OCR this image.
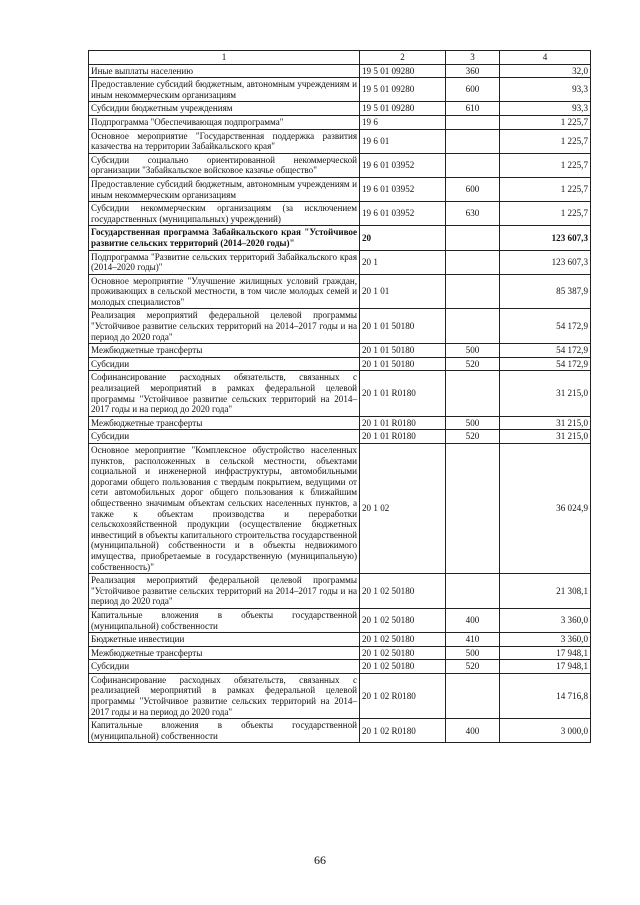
1	2	3	4
Иные выплаты населению	19 5 01 09280	360	32,0
Предоставление субсидий бюджетным, автономным учреждениям и иным некоммерческим организациям	19 5 01 09280	600	93,3
Субсидии бюджетным учреждениям	19 5 01 09280	610	93,3
Подпрограмма "Обеспечивающая подпрограмма"	19 6		1 225,7
Основное мероприятие "Государственная поддержка развития казачества на территории Забайкальского края"	19 6 01		1 225,7
Субсидии социально ориентированной некоммерческой организации "Забайкальское войсковое казачье общество"	19 6 01 03952		1 225,7
Предоставление субсидий бюджетным, автономным учреждениям и иным некоммерческим организациям	19 6 01 03952	600	1 225,7
Субсидии некоммерческим организациям (за исключением государственных (муниципальных) учреждений)	19 6 01 03952	630	1 225,7
Государственная программа Забайкальского края "Устойчивое развитие сельских территорий (2014–2020 годы)"	20		123 607,3
Подпрограмма "Развитие сельских территорий Забайкальского края (2014–2020 годы)"	20 1		123 607,3
Основное мероприятие "Улучшение жилищных условий граждан, проживающих в сельской местности, в том числе молодых семей и молодых специалистов"	20 1 01		85 387,9
Реализация мероприятий федеральной целевой программы "Устойчивое развитие сельских территорий на 2014–2017 годы и на период до 2020 года"	20 1 01 50180		54 172,9
Межбюджетные трансферты	20 1 01 50180	500	54 172,9
Субсидии	20 1 01 50180	520	54 172,9
Софинансирование расходных обязательств, связанных с реализацией мероприятий в рамках федеральной целевой программы "Устойчивое развитие сельских территорий на 2014–2017 годы и на период до 2020 года"	20 1 01 R0180		31 215,0
Межбюджетные трансферты	20 1 01 R0180	500	31 215,0
Субсидии	20 1 01 R0180	520	31 215,0
Основное мероприятие "Комплексное обустройство населенных пунктов, расположенных в сельской местности, объектами социальной и инженерной инфраструктуры, автомобильными дорогами общего пользования с твердым покрытием, ведущими от сети автомобильных дорог общего пользования к ближайшим общественно значимым объектам сельских населенных пунктов, а также к объектам производства и переработки сельскохозяйственной продукции (осуществление бюджетных инвестиций в объекты капитального строительства государственной (муниципальной) собственности и в объекты недвижимого имущества, приобретаемые в государственную (муниципальную) собственность)"	20 1 02		36 024,9
Реализация мероприятий федеральной целевой программы "Устойчивое развитие сельских территорий на 2014–2017 годы и на период до 2020 года"	20 1 02 50180		21 308,1
Капитальные вложения в объекты государственной (муниципальной) собственности	20 1 02 50180	400	3 360,0
Бюджетные инвестиции	20 1 02 50180	410	3 360,0
Межбюджетные трансферты	20 1 02 50180	500	17 948,1
Субсидии	20 1 02 50180	520	17 948,1
Софинансирование расходных обязательств, связанных с реализацией мероприятий в рамках федеральной целевой программы "Устойчивое развитие сельских территорий на 2014–2017 годы и на период до 2020 года"	20 1 02 R0180		14 716,8
Капитальные вложения в объекты государственной (муниципальной) собственности	20 1 02 R0180	400	3 000,0
66
